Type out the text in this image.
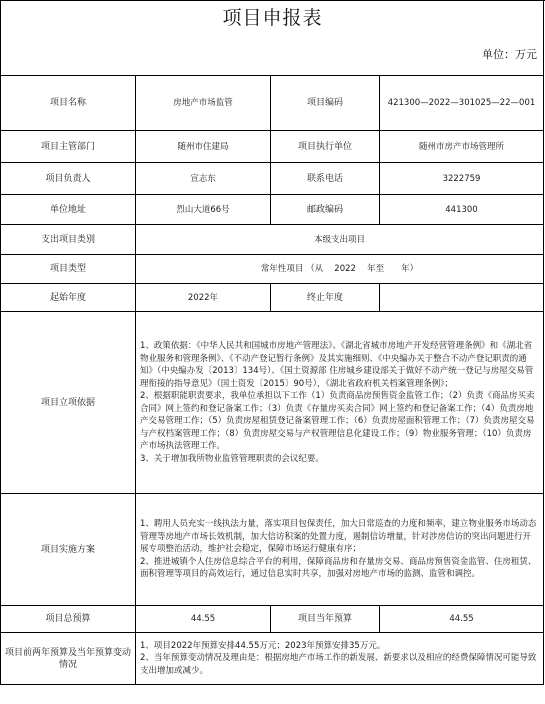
项目申报表
单位：万元
项目名称	房地产市场监管	项目编码	421300—2022—301025—22—001
项目主管部门	随州市住建局	项目执行单位	随州市房产市场管理所
项目负责人	宣志东	联系电话	3222759
单位地址	烈山大道66号	邮政编码	441300
支出项目类别	本级支出项目		
项目类型	常年性项目 （从　 2022　 年至　　年）		
起始年度	2022年	终止年度	
项目立项依据	1、政策依据：《中华人民共和国城市房地产管理法》、《湖北省城市房地产开发经营管理条例》和《湖北省物业服务和管理条例》、《不动产登记暂行条例》及其实施细则、《中央编办关于整合不动产登记职责的通知》（中央编办发〔2013〕134号）、《国土资源部 住房城乡建设部关于做好不动产统一登记与房屋交易管理衔接的指导意见》（国土资发〔2015〕90号），《湖北省政府机关档案管理条例》；
2、根据职能职责要求，我单位承担以下工作（1）负责商品房预售资金监管工作；（2）负责《商品房买卖合同》网上签约和登记备案工作；（3）负责《存量房买卖合同》网上签约和登记备案工作；（4）负责房地产交易管理工作；（5）负责房屋租赁登记备案管理工作；（6）负责房屋面积管理工作；（7）负责房屋交易与产权档案管理工作；（8）负责房屋交易与产权管理信息化建设工作；（9）物业服务管理；（10）负责房产市场执法管理工作。
3、关于增加我所物业监管管理职责的会议纪要。		

项目实施方案	1、聘用人员充实一线执法力量，落实项目包保责任，加大日常巡查的力度和频率，建立物业服务市场动态管理等房地产市场长效机制，加大信访积案的处置力度，遏制信访增量，针对涉房信访的突出问题进行开展专项整治活动，维护社会稳定，保障市场运行健康有序；
2、推进城镇个人住房信息综合平台的利用，保障商品房和存量房交易、商品房预售资金监管、住房租赁、面积管理等项目的高效运行，通过信息实时共享，加强对房地产市场的监测、监管和调控。		

项目总预算	44.55	项目当年预算	44.55
项目前两年预算及当年预算变动情况	1、项目2022年预算安排44.55万元；2023年预算安排35万元。
2、当年预算变动情况及理由是：根据房地产市场工作的新发展、新要求以及相应的经费保障情况可能导致支出增加或减少。		
